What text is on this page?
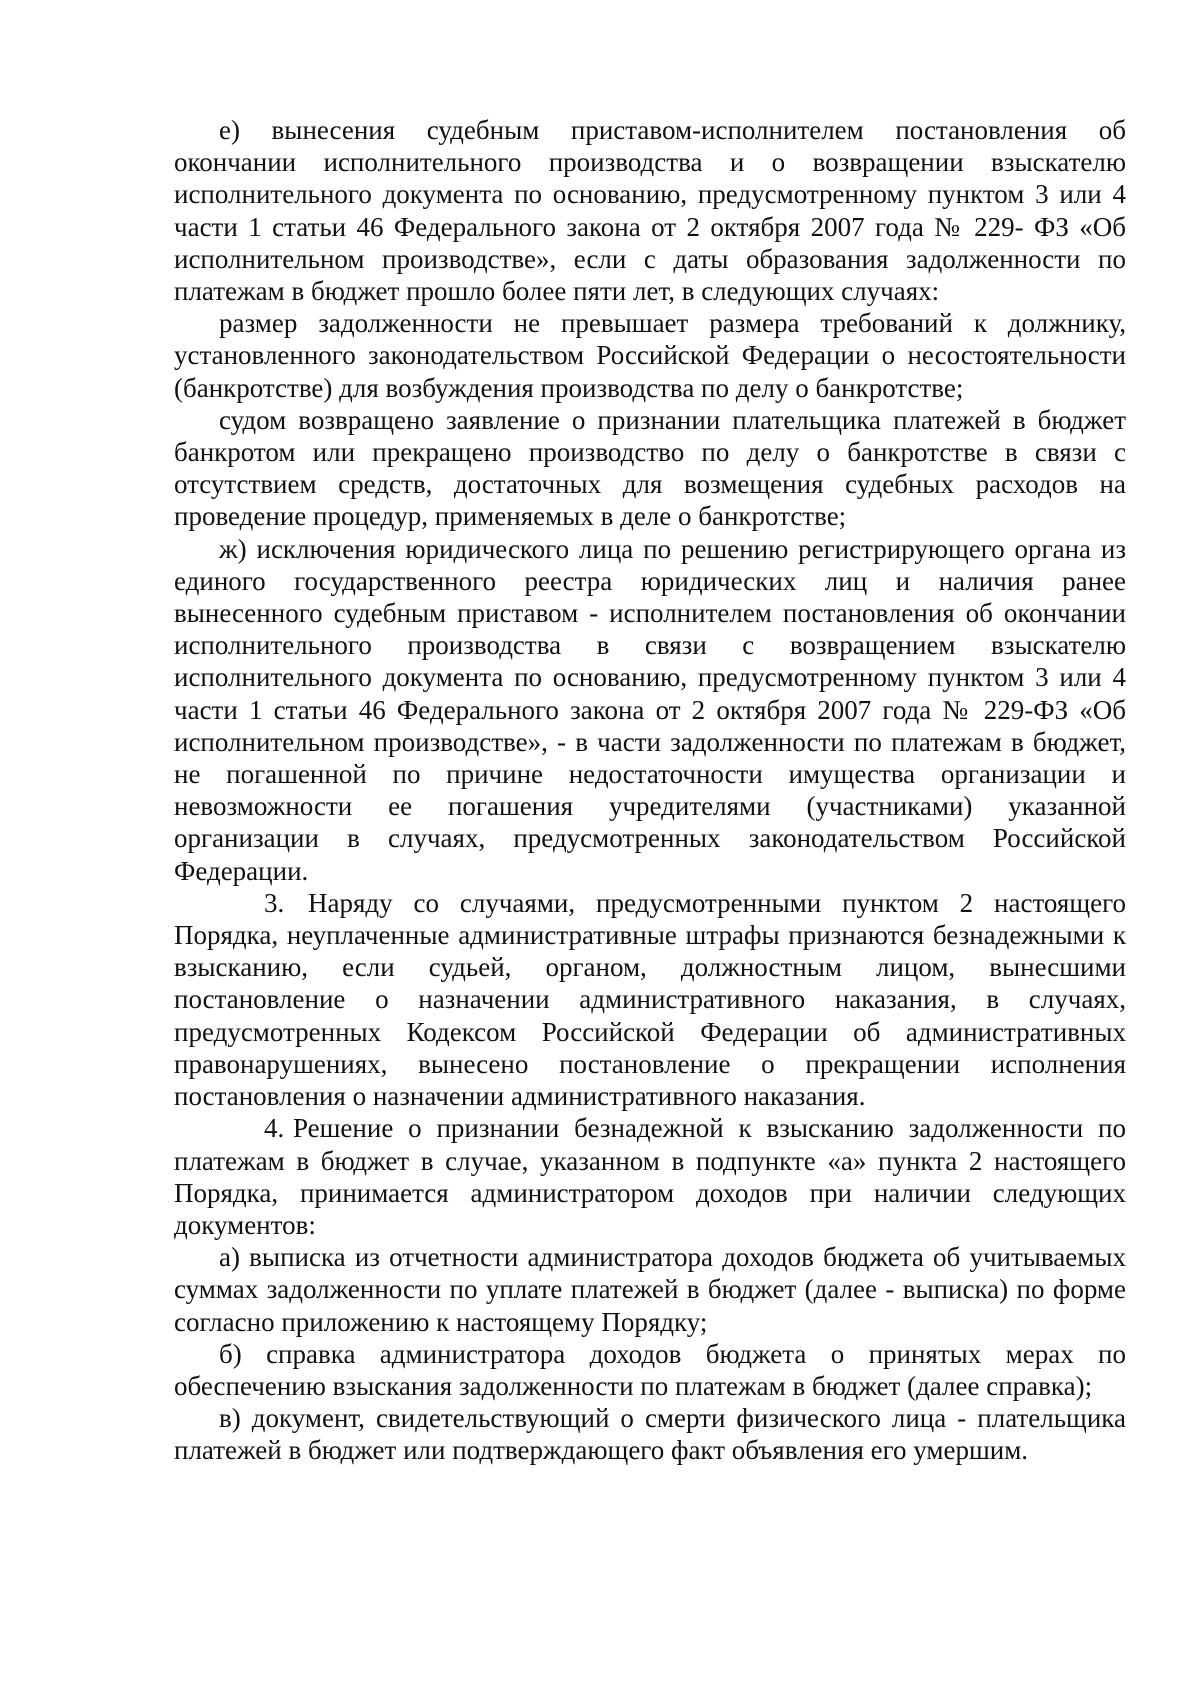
е) вынесения судебным приставом-исполнителем постановления об окончании исполнительного производства и о возвращении взыскателю исполнительного документа по основанию, предусмотренному пунктом 3 или 4 части 1 статьи 46 Федерального закона от 2 октября 2007 года № 229- ФЗ «Об исполнительном производстве», если с даты образования задолженности по платежам в бюджет прошло более пяти лет, в следующих случаях:

размер задолженности не превышает размера требований к должнику, установленного законодательством Российской Федерации о несостоятельности (банкротстве) для возбуждения производства по делу о банкротстве;

судом возвращено заявление о признании плательщика платежей в бюджет банкротом или прекращено производство по делу о банкротстве в связи с отсутствием средств, достаточных для возмещения судебных расходов на проведение процедур, применяемых в деле о банкротстве;

ж) исключения юридического лица по решению регистрирующего органа из единого государственного реестра юридических лиц и наличия ранее вынесенного судебным приставом - исполнителем постановления об окончании исполнительного производства в связи с возвращением взыскателю исполнительного документа по основанию, предусмотренному пунктом 3 или 4 части 1 статьи 46 Федерального закона от 2 октября 2007 года № 229-ФЗ «Об исполнительном производстве», - в части задолженности по платежам в бюджет, не погашенной по причине недостаточности имущества организации и невозможности ее погашения учредителями (участниками) указанной организации в случаях, предусмотренных законодательством Российской Федерации.

3. Наряду со случаями, предусмотренными пунктом 2 настоящего Порядка, неуплаченные административные штрафы признаются безнадежными к взысканию, если судьей, органом, должностным лицом, вынесшими постановление о назначении административного наказания, в случаях, предусмотренных Кодексом Российской Федерации об административных правонарушениях, вынесено постановление о прекращении исполнения постановления о назначении административного наказания.

4. Решение о признании безнадежной к взысканию задолженности по платежам в бюджет в случае, указанном в подпункте «а» пункта 2 настоящего Порядка, принимается администратором доходов при наличии следующих документов:

а) выписка из отчетности администратора доходов бюджета об учитываемых суммах задолженности по уплате платежей в бюджет (далее - выписка) по форме согласно приложению к настоящему Порядку;

б) справка администратора доходов бюджета о принятых мерах по обеспечению взыскания задолженности по платежам в бюджет (далее справка);

в) документ, свидетельствующий о смерти физического лица - плательщика платежей в бюджет или подтверждающего факт объявления его умершим.
